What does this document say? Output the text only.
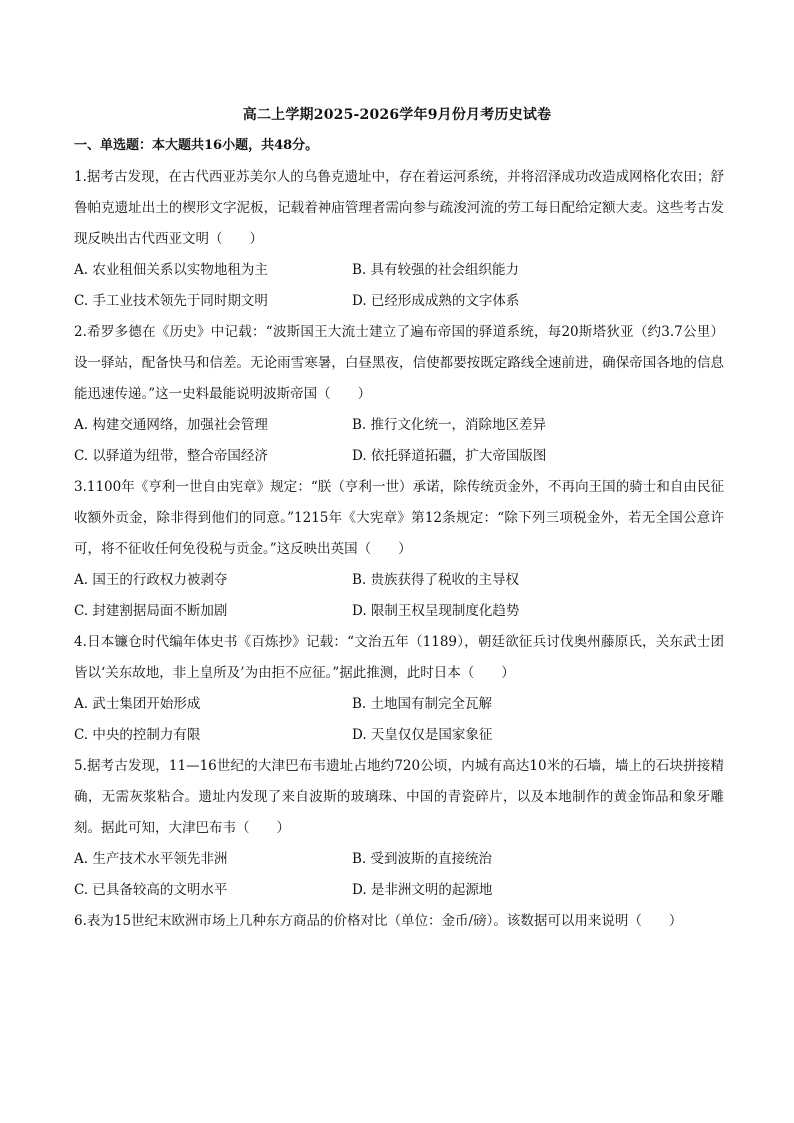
高二上学期2025-2026学年9月份月考历史试卷
一、单选题：本大题共16小题，共48分。

1.据考古发现，在古代西亚苏美尔人的乌鲁克遗址中，存在着运河系统，并将沼泽成功改造成网格化农田；舒鲁帕克遗址出土的楔形文字泥板，记载着神庙管理者需向参与疏浚河流的劳工每日配给定额大麦。这些考古发现反映出古代西亚文明（　　）

A. 农业租佃关系以实物地租为主	B. 具有较强的社会组织能力
C. 手工业技术领先于同时期文明	D. 已经形成成熟的文字体系

2.希罗多德在《历史》中记载：“波斯国王大流士建立了遍布帝国的驿道系统，每20斯塔狄亚（约3.7公里）设一驿站，配备快马和信差。无论雨雪寒暑，白昼黑夜，信使都要按既定路线全速前进，确保帝国各地的信息能迅速传递。”这一史料最能说明波斯帝国（　　）

A. 构建交通网络，加强社会管理	B. 推行文化统一，消除地区差异
C. 以驿道为纽带，整合帝国经济	D. 依托驿道拓疆，扩大帝国版图

3.1100年《亨利一世自由宪章》规定：“朕（亨利一世）承诺，除传统贡金外，不再向王国的骑士和自由民征收额外贡金，除非得到他们的同意。”1215年《大宪章》第12条规定：“除下列三项税金外，若无全国公意许可，将不征收任何免役税与贡金。”这反映出英国（　　）

A. 国王的行政权力被剥夺	B. 贵族获得了税收的主导权
C. 封建割据局面不断加剧	D. 限制王权呈现制度化趋势

4.日本镰仓时代编年体史书《百炼抄》记载：“文治五年（1189），朝廷欲征兵讨伐奥州藤原氏，关东武士团皆以‘关东故地，非上皇所及’为由拒不应征。”据此推测，此时日本（　　）

A. 武士集团开始形成	B. 土地国有制完全瓦解
C. 中央的控制力有限	D. 天皇仅仅是国家象征

5.据考古发现，11—16世纪的大津巴布韦遗址占地约720公顷，内城有高达10米的石墙，墙上的石块拼接精确，无需灰浆粘合。遗址内发现了来自波斯的玻璃珠、中国的青瓷碎片，以及本地制作的黄金饰品和象牙雕刻。据此可知，大津巴布韦（　　）

A. 生产技术水平领先非洲	B. 受到波斯的直接统治
C. 已具备较高的文明水平	D. 是非洲文明的起源地

6.表为15世纪末欧洲市场上几种东方商品的价格对比（单位：金币/磅）。该数据可以用来说明（　　）
